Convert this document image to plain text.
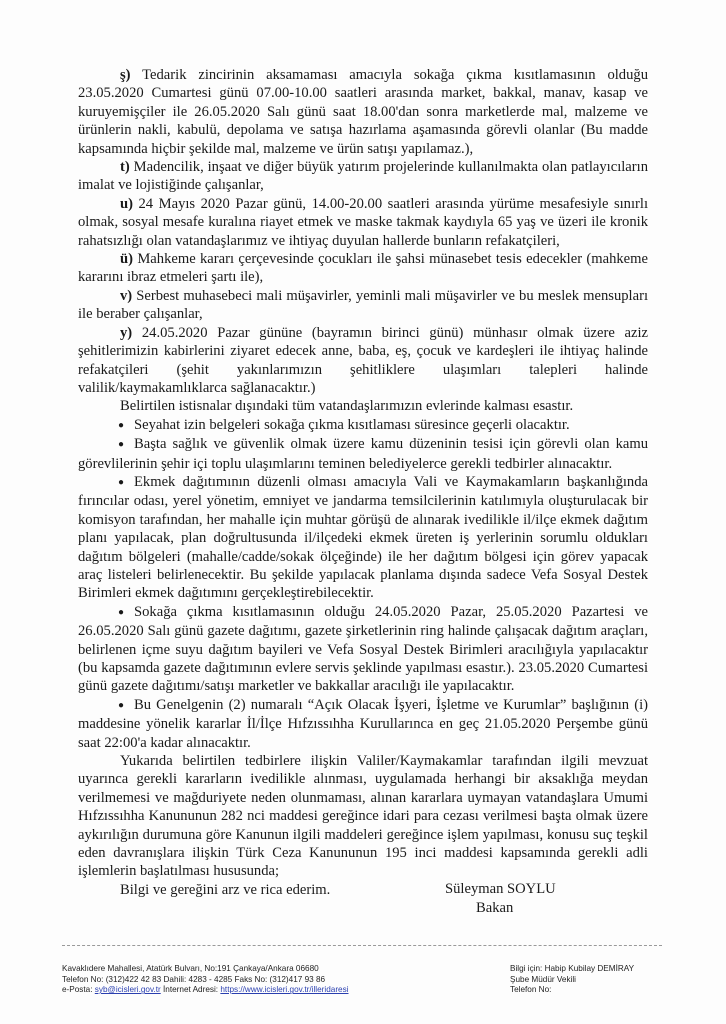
ş) Tedarik zincirinin aksamaması amacıyla sokağa çıkma kısıtlamasının olduğu 23.05.2020 Cumartesi günü 07.00-10.00 saatleri arasında market, bakkal, manav, kasap ve kuruyemişçiler ile 26.05.2020 Salı günü saat 18.00'dan sonra marketlerde mal, malzeme ve ürünlerin nakli, kabulü, depolama ve satışa hazırlama aşamasında görevli olanlar (Bu madde kapsamında hiçbir şekilde mal, malzeme ve ürün satışı yapılamaz.),

t) Madencilik, inşaat ve diğer büyük yatırım projelerinde kullanılmakta olan patlayıcıların imalat ve lojistiğinde çalışanlar,

u) 24 Mayıs 2020 Pazar günü, 14.00-20.00 saatleri arasında yürüme mesafesiyle sınırlı olmak, sosyal mesafe kuralına riayet etmek ve maske takmak kaydıyla 65 yaş ve üzeri ile kronik rahatsızlığı olan vatandaşlarımız ve ihtiyaç duyulan hallerde bunların refakatçileri,

ü) Mahkeme kararı çerçevesinde çocukları ile şahsi münasebet tesis edecekler (mahkeme kararını ibraz etmeleri şartı ile),

v) Serbest muhasebeci mali müşavirler, yeminli mali müşavirler ve bu meslek mensupları ile beraber çalışanlar,

y) 24.05.2020 Pazar gününe (bayramın birinci günü) münhasır olmak üzere aziz şehitlerimizin kabirlerini ziyaret edecek anne, baba, eş, çocuk ve kardeşleri ile ihtiyaç halinde refakatçileri (şehit yakınlarımızın şehitliklere ulaşımları talepleri halinde valilik/kaymakamlıklarca sağlanacaktır.)

Belirtilen istisnalar dışındaki tüm vatandaşlarımızın evlerinde kalması esastır.

● Seyahat izin belgeleri sokağa çıkma kısıtlaması süresince geçerli olacaktır.

● Başta sağlık ve güvenlik olmak üzere kamu düzeninin tesisi için görevli olan kamu görevlilerinin şehir içi toplu ulaşımlarını teminen belediyelerce gerekli tedbirler alınacaktır.

● Ekmek dağıtımının düzenli olması amacıyla Vali ve Kaymakamların başkanlığında fırıncılar odası, yerel yönetim, emniyet ve jandarma temsilcilerinin katılımıyla oluşturulacak bir komisyon tarafından, her mahalle için muhtar görüşü de alınarak ivedilikle il/ilçe ekmek dağıtım planı yapılacak, plan doğrultusunda il/ilçedeki ekmek üreten iş yerlerinin sorumlu oldukları dağıtım bölgeleri (mahalle/cadde/sokak ölçeğinde) ile her dağıtım bölgesi için görev yapacak araç listeleri belirlenecektir. Bu şekilde yapılacak planlama dışında sadece Vefa Sosyal Destek Birimleri ekmek dağıtımını gerçekleştirebilecektir.

● Sokağa çıkma kısıtlamasının olduğu 24.05.2020 Pazar, 25.05.2020 Pazartesi ve 26.05.2020 Salı günü gazete dağıtımı, gazete şirketlerinin ring halinde çalışacak dağıtım araçları, belirlenen içme suyu dağıtım bayileri ve Vefa Sosyal Destek Birimleri aracılığıyla yapılacaktır (bu kapsamda gazete dağıtımının evlere servis şeklinde yapılması esastır.). 23.05.2020 Cumartesi günü gazete dağıtımı/satışı marketler ve bakkallar aracılığı ile yapılacaktır.

● Bu Genelgenin (2) numaralı “Açık Olacak İşyeri, İşletme ve Kurumlar” başlığının (i) maddesine yönelik kararlar İl/İlçe Hıfzıssıhha Kurullarınca en geç 21.05.2020 Perşembe günü saat 22:00'a kadar alınacaktır.

Yukarıda belirtilen tedbirlere ilişkin Valiler/Kaymakamlar tarafından ilgili mevzuat uyarınca gerekli kararların ivedilikle alınması, uygulamada herhangi bir aksaklığa meydan verilmemesi ve mağduriyete neden olunmaması, alınan kararlara uymayan vatandaşlara Umumi Hıfzıssıhha Kanununun 282 nci maddesi gereğince idari para cezası verilmesi başta olmak üzere aykırılığın durumuna göre Kanunun ilgili maddeleri gereğince işlem yapılması, konusu suç teşkil eden davranışlara ilişkin Türk Ceza Kanununun 195 inci maddesi kapsamında gerekli adli işlemlerin başlatılması hususunda;

Bilgi ve gereğini arz ve rica ederim.	Süleyman SOYLU
Bakan
Kavaklıdere Mahallesi, Atatürk Bulvarı, No:191 Çankaya/Ankara 06680
Telefon No: (312)422 42 83 Dahili: 4283 - 4285 Faks No: (312)417 93 86
e-Posta: syb@icisleri.gov.tr İnternet Adresi: https://www.icisleri.gov.tr/illeridaresi
Bilgi için: Habip Kubilay DEMİRAY
Şube Müdür Vekili
Telefon No:
